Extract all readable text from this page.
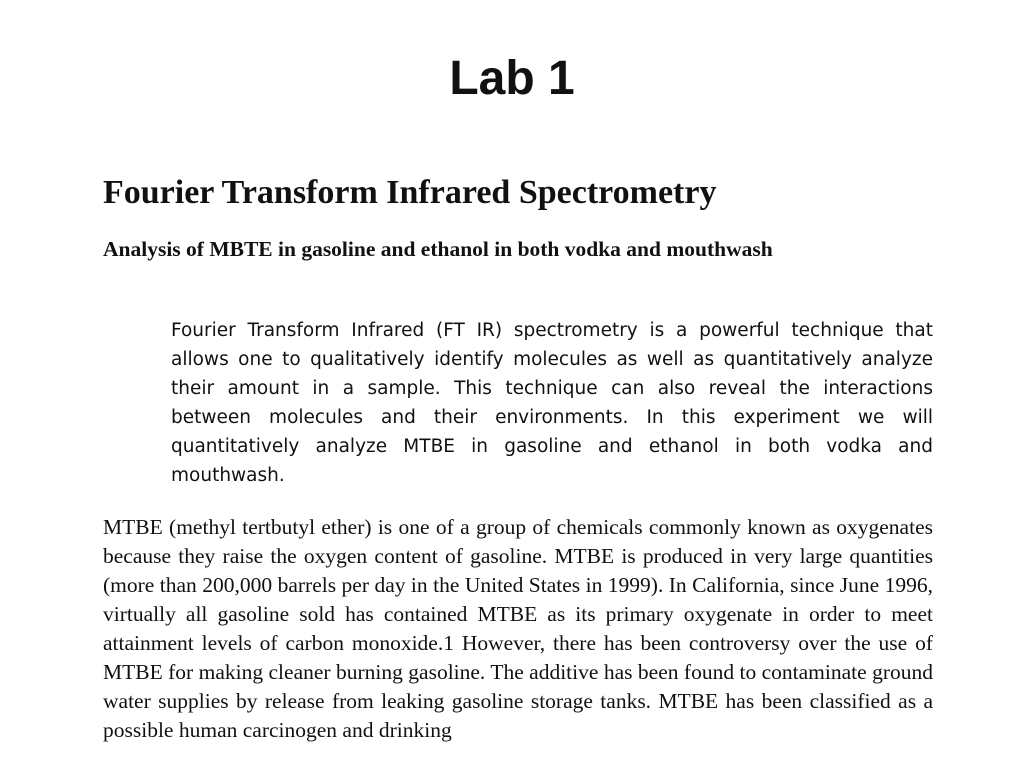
Lab 1
Fourier Transform Infrared Spectrometry
Analysis of MBTE in gasoline and ethanol in both vodka and mouthwash

Fourier Transform Infrared (FT IR) spectrometry is a powerful technique that allows one to qualitatively identify molecules as well as quantitatively analyze their amount in a sample. This technique can also reveal the interactions between molecules and their environments. In this experiment we will quantitatively analyze MTBE in gasoline and ethanol in both vodka and mouthwash.

MTBE (methyl tertbutyl ether) is one of a group of chemicals commonly known as oxygenates because they raise the oxygen content of gasoline. MTBE is produced in very large quantities (more than 200,000 barrels per day in the United States in 1999). In California, since June 1996, virtually all gasoline sold has contained MTBE as its primary oxygenate in order to meet attainment levels of carbon monoxide.1 However, there has been controversy over the use of MTBE for making cleaner burning gasoline. The additive has been found to contaminate ground water supplies by release from leaking gasoline storage tanks. MTBE has been classified as a possible human carcinogen and drinking
